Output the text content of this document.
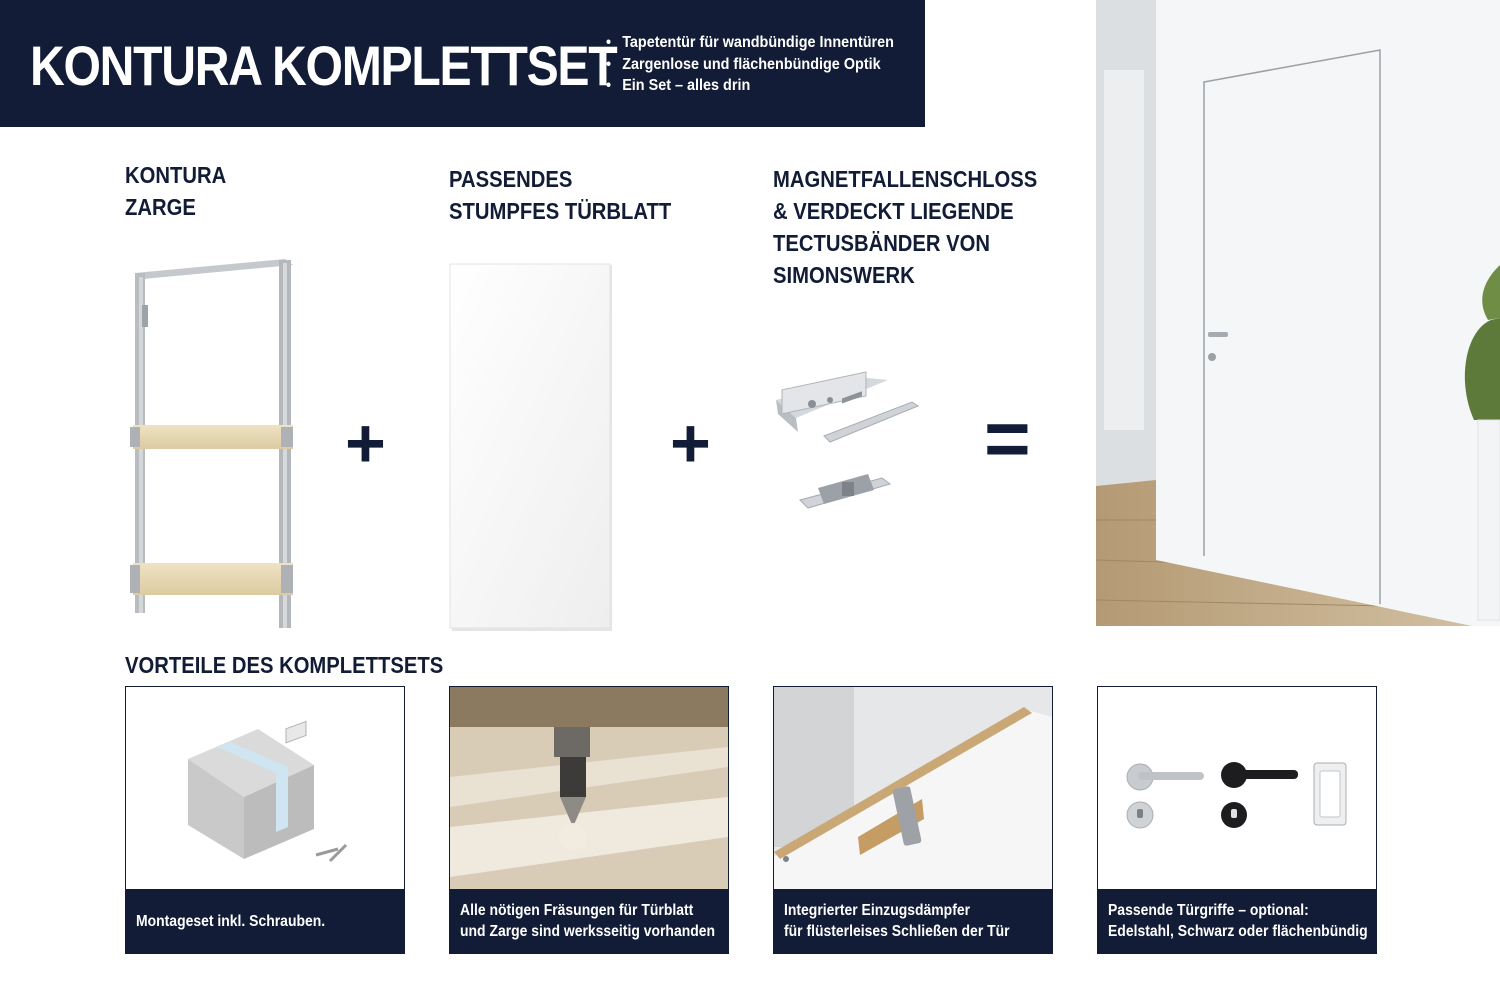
KONTURA KOMPLETTSET
• Tapetentür für wandbündige Innentüren
• Zargenlose und flächenbündige Optik
• Ein Set – alles drin
KONTURA
ZARGE
PASSENDES
STUMPFES TÜRBLATT
MAGNETFALLENSCHLOSS
& VERDECKT LIEGENDE
TECTUSBÄNDER VON
SIMONSWERK
+	+	=
VORTEILE DES KOMPLETTSETS
Montageset inkl. Schrauben.
Alle nötigen Fräsungen für Türblatt
und Zarge sind werksseitig vorhanden
Integrierter Einzugsdämpfer
für flüsterleises Schließen der Tür
Passende Türgriffe – optional:
Edelstahl, Schwarz oder flächenbündig
